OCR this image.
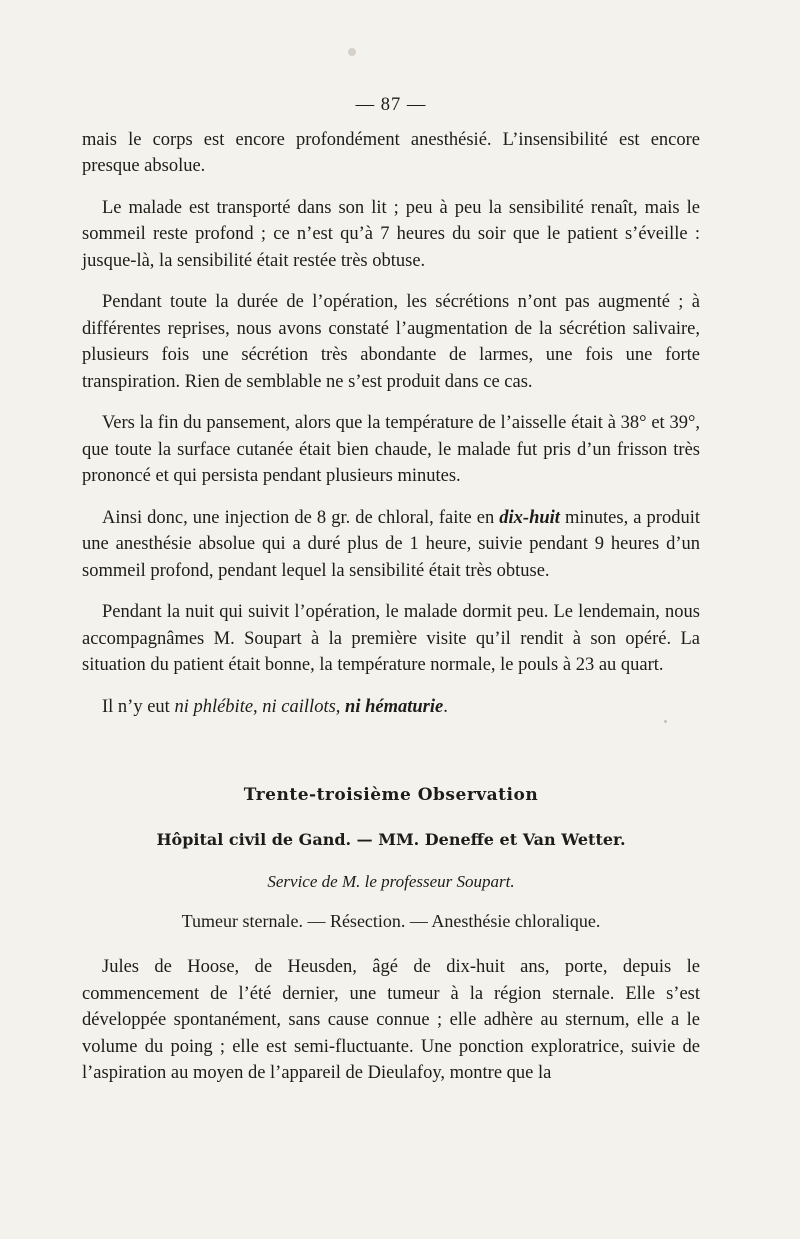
— 87 —

mais le corps est encore profondément anesthésié. L’insensibilité est encore presque absolue.

Le malade est transporté dans son lit ; peu à peu la sensibilité renaît, mais le sommeil reste profond ; ce n’est qu’à 7 heures du soir que le patient s’éveille : jusque-là, la sensibilité était restée très obtuse.

Pendant toute la durée de l’opération, les sécrétions n’ont pas augmenté ; à différentes reprises, nous avons constaté l’augmentation de la sécrétion salivaire, plusieurs fois une sécrétion très abondante de larmes, une fois une forte transpiration. Rien de semblable ne s’est produit dans ce cas.

Vers la fin du pansement, alors que la température de l’aisselle était à 38° et 39°, que toute la surface cutanée était bien chaude, le malade fut pris d’un frisson très prononcé et qui persista pendant plusieurs minutes.

Ainsi donc, une injection de 8 gr. de chloral, faite en dix-huit minutes, a produit une anesthésie absolue qui a duré plus de 1 heure, suivie pendant 9 heures d’un sommeil profond, pendant lequel la sensibilité était très obtuse.

Pendant la nuit qui suivit l’opération, le malade dormit peu. Le lendemain, nous accompagnâmes M. Soupart à la première visite qu’il rendit à son opéré. La situation du patient était bonne, la température normale, le pouls à 23 au quart.

Il n’y eut ni phlébite, ni caillots, ni hématurie.

Trente-troisième Observation
Hôpital civil de Gand. — MM. Deneffe et Van Wetter.
Service de M. le professeur Soupart.
Tumeur sternale. — Résection. — Anesthésie chloralique.

Jules de Hoose, de Heusden, âgé de dix-huit ans, porte, depuis le commencement de l’été dernier, une tumeur à la région sternale. Elle s’est développée spontanément, sans cause connue ; elle adhère au sternum, elle a le volume du poing ; elle est semi-fluctuante. Une ponction exploratrice, suivie de l’aspiration au moyen de l’appareil de Dieulafoy, montre que la
